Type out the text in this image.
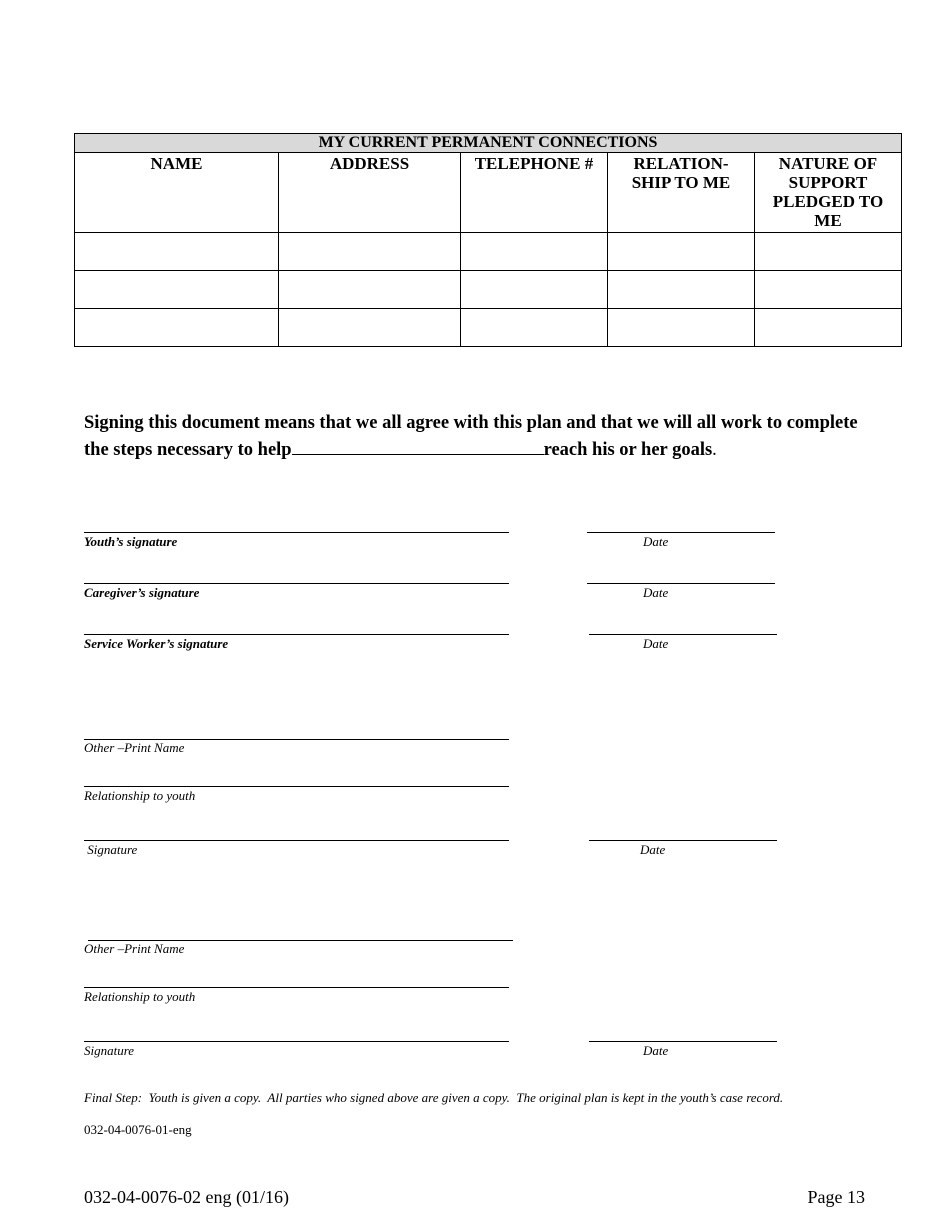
MY CURRENT PERMANENT CONNECTIONS				
NAME	ADDRESS	TELEPHONE #	RELATION-SHIP TO ME	NATURE OF SUPPORT PLEDGED TO ME

Signing this document means that we all agree with this plan and that we will all work to complete the steps necessary to help	reach his or her goals.
Youth’s signature	Date
Caregiver’s signature	Date
Service Worker’s signature	Date
Other –Print Name
Relationship to youth
Signature	Date
Other –Print Name
Relationship to youth
Signature	Date
Final Step:  Youth is given a copy.  All parties who signed above are given a copy.  The original plan is kept in the youth’s case record.
032-04-0076-01-eng
032-04-0076-02 eng (01/16)	Page 13
